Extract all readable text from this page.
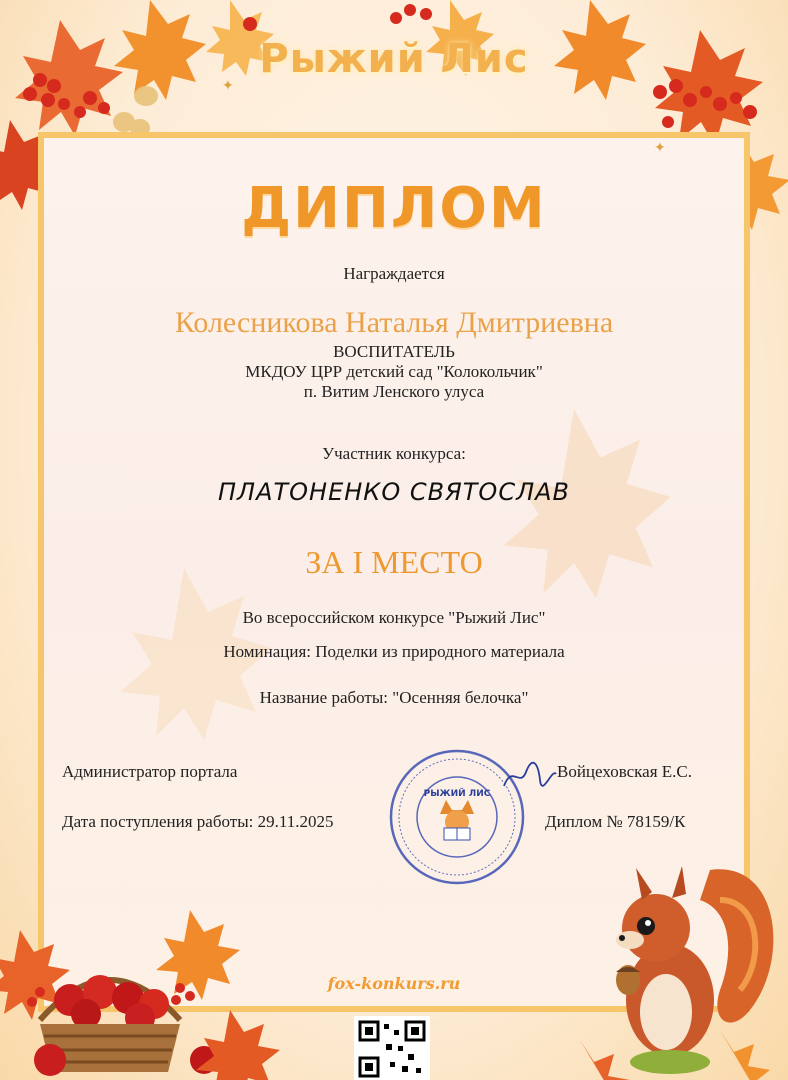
Рыжий Лис
✦
✦
ДИПЛОМ
Награждается
Колесникова Наталья Дмитриевна
ВОСПИТАТЕЛЬ
МКДОУ ЦРР детский сад "Колокольчик"
п. Витим Ленского улуса
Участник конкурса:
ПЛАТОНЕНКО СВЯТОСЛАВ
ЗА I МЕСТО
Во всероссийском конкурсе "Рыжий Лис"
Номинация: Поделки из природного материала
Название работы: "Осенняя белочка"
Администратор портала
Дата поступления работы: 29.11.2025
Войцеховская Е.С.
Диплом № 78159/К
РЫЖИЙ ЛИС
fox-konkurs.ru
